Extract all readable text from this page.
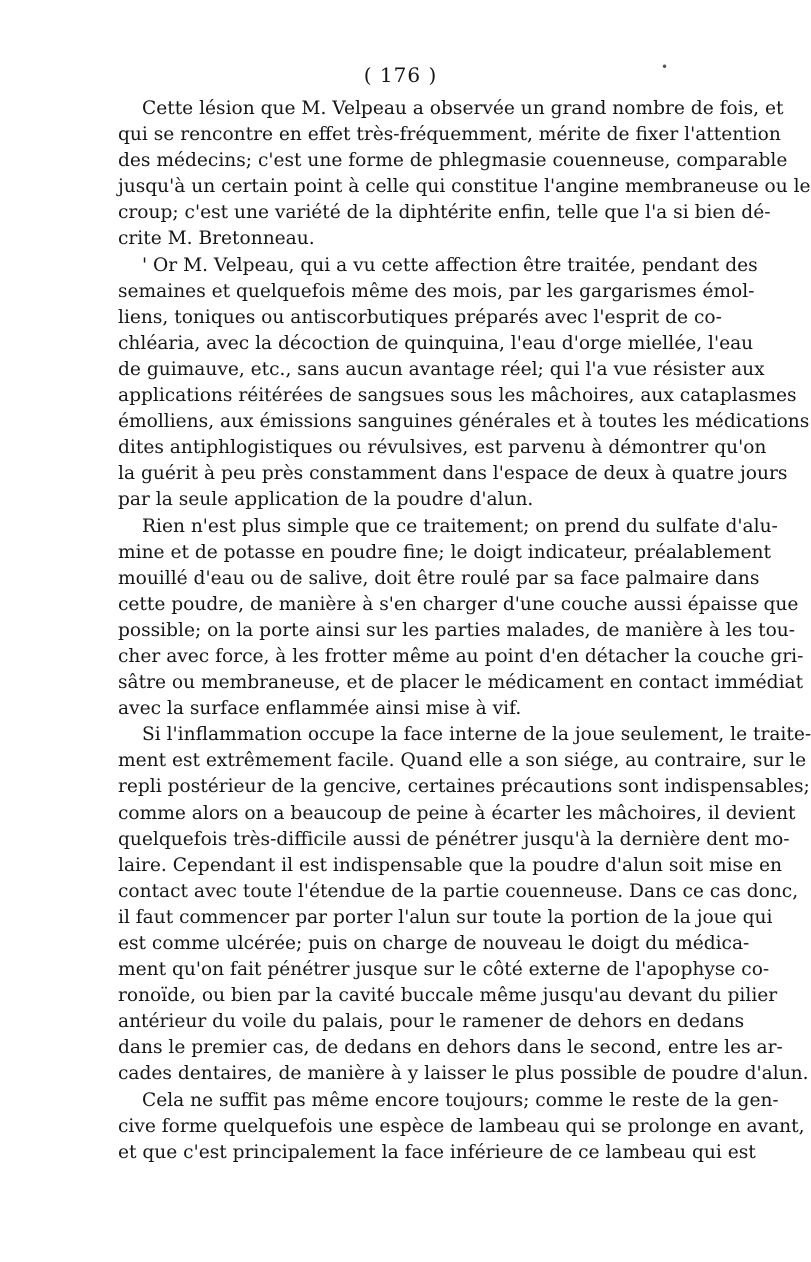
•
( 176 )
Cette lésion que M. Velpeau a observée un grand nombre de fois, et
qui se rencontre en effet très-fréquemment, mérite de fixer l'attention
des médecins; c'est une forme de phlegmasie couenneuse, comparable
jusqu'à un certain point à celle qui constitue l'angine membraneuse ou le
croup; c'est une variété de la diphtérite enfin, telle que l'a si bien dé-
crite M. Bretonneau.
' Or M. Velpeau, qui a vu cette affection être traitée, pendant des
semaines et quelquefois même des mois, par les gargarismes émol-
liens, toniques ou antiscorbutiques préparés avec l'esprit de co-
chléaria, avec la décoction de quinquina, l'eau d'orge miellée, l'eau
de guimauve, etc., sans aucun avantage réel; qui l'a vue résister aux
applications réitérées de sangsues sous les mâchoires, aux cataplasmes
émolliens, aux émissions sanguines générales et à toutes les médications
dites antiphlogistiques ou révulsives, est parvenu à démontrer qu'on
la guérit à peu près constamment dans l'espace de deux à quatre jours
par la seule application de la poudre d'alun.
Rien n'est plus simple que ce traitement; on prend du sulfate d'alu-
mine et de potasse en poudre fine; le doigt indicateur, préalablement
mouillé d'eau ou de salive, doit être roulé par sa face palmaire dans
cette poudre, de manière à s'en charger d'une couche aussi épaisse que
possible; on la porte ainsi sur les parties malades, de manière à les tou-
cher avec force, à les frotter même au point d'en détacher la couche gri-
sâtre ou membraneuse, et de placer le médicament en contact immédiat
avec la surface enflammée ainsi mise à vif.
Si l'inflammation occupe la face interne de la joue seulement, le traite-
ment est extrêmement facile. Quand elle a son siége, au contraire, sur le
repli postérieur de la gencive, certaines précautions sont indispensables;
comme alors on a beaucoup de peine à écarter les mâchoires, il devient
quelquefois très-difficile aussi de pénétrer jusqu'à la dernière dent mo-
laire. Cependant il est indispensable que la poudre d'alun soit mise en
contact avec toute l'étendue de la partie couenneuse. Dans ce cas donc,
il faut commencer par porter l'alun sur toute la portion de la joue qui
est comme ulcérée; puis on charge de nouveau le doigt du médica-
ment qu'on fait pénétrer jusque sur le côté externe de l'apophyse co-
ronoïde, ou bien par la cavité buccale même jusqu'au devant du pilier
antérieur du voile du palais, pour le ramener de dehors en dedans
dans le premier cas, de dedans en dehors dans le second, entre les ar-
cades dentaires, de manière à y laisser le plus possible de poudre d'alun.
Cela ne suffit pas même encore toujours; comme le reste de la gen-
cive forme quelquefois une espèce de lambeau qui se prolonge en avant,
et que c'est principalement la face inférieure de ce lambeau qui est
